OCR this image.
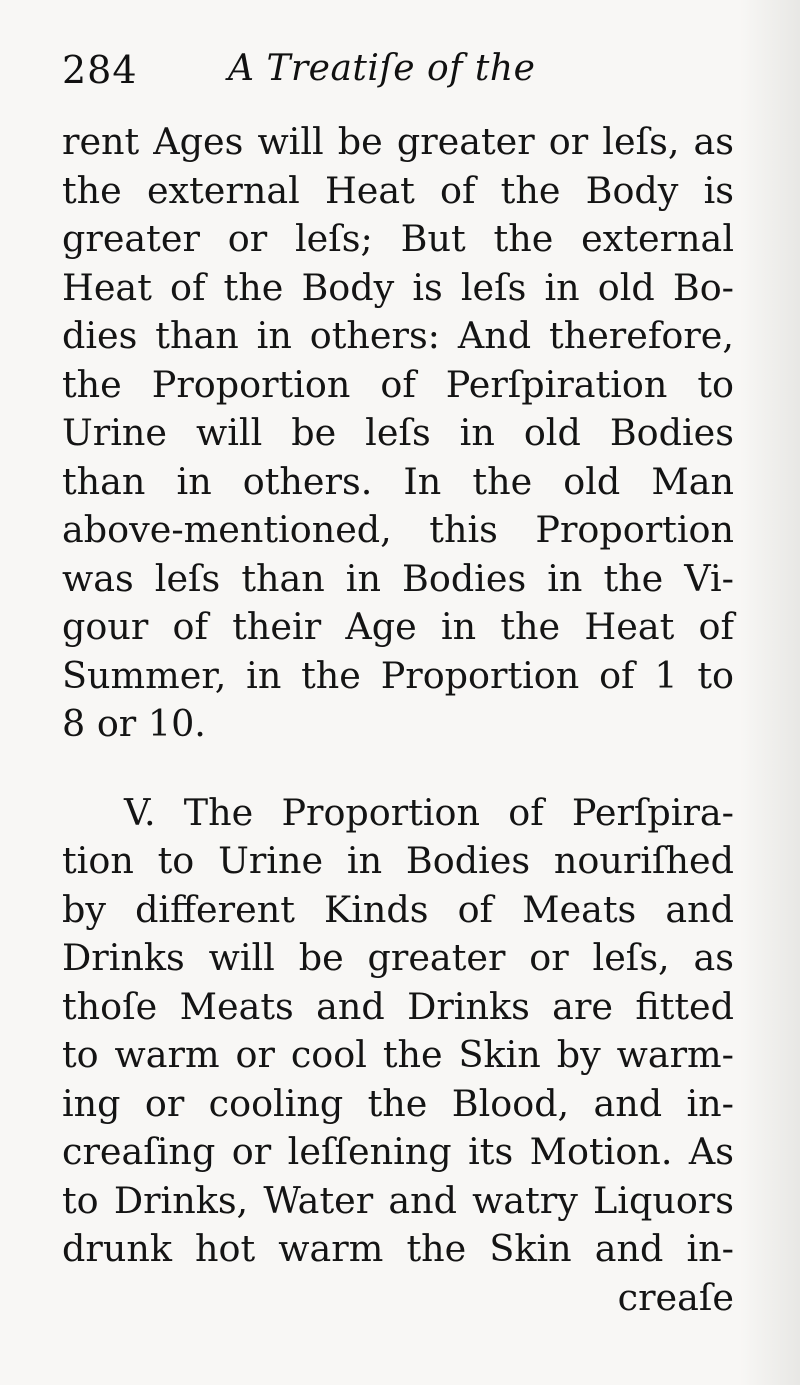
284	A Treatiſe of the
rent Ages will be greater or leſs, as
the external Heat of the Body is
greater or leſs; But the external
Heat of the Body is leſs in old Bo-
dies than in others: And therefore,
the Proportion of Perſpiration to
Urine will be leſs in old Bodies
than in others. In the old Man
above-mentioned, this Proportion
was leſs than in Bodies in the Vi-
gour of their Age in the Heat of
Summer, in the Proportion of 1 to
8 or 10.
V. The Proportion of Perſpira-
tion to Urine in Bodies nouriſhed
by different Kinds of Meats and
Drinks will be greater or leſs, as
thoſe Meats and Drinks are fitted
to warm or cool the Skin by warm-
ing or cooling the Blood, and in-
creaſing or leſſening its Motion. As
to Drinks, Water and watry Liquors
drunk hot warm the Skin and in-
creaſe
